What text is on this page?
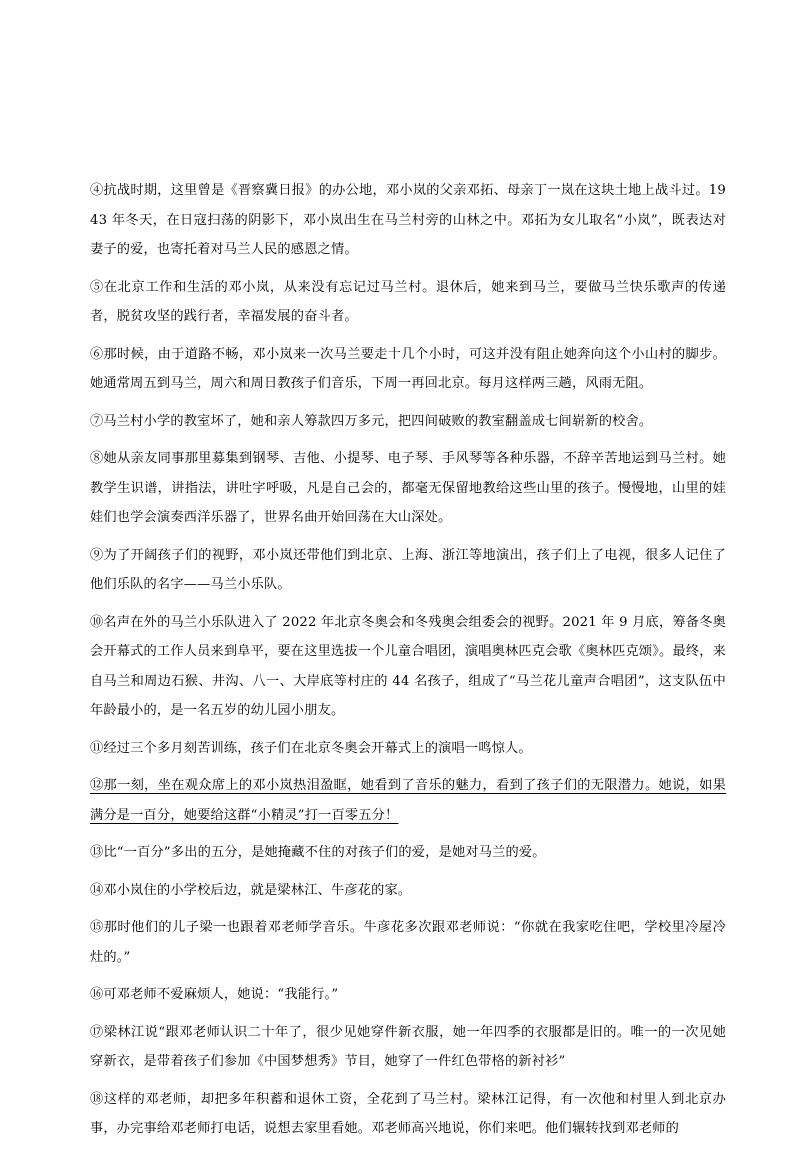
④抗战时期，这里曾是《晋察冀日报》的办公地，邓小岚的父亲邓拓、母亲丁一岚在这块土地上战斗过。1943 年冬天，在日寇扫荡的阴影下，邓小岚出生在马兰村旁的山林之中。邓拓为女儿取名“小岚”，既表达对妻子的爱，也寄托着对马兰人民的感恩之情。

⑤在北京工作和生活的邓小岚，从来没有忘记过马兰村。退休后，她来到马兰，要做马兰快乐歌声的传递者，脱贫攻坚的践行者，幸福发展的奋斗者。

⑥那时候，由于道路不畅，邓小岚来一次马兰要走十几个小时，可这并没有阻止她奔向这个小山村的脚步。她通常周五到马兰，周六和周日教孩子们音乐，下周一再回北京。每月这样两三趟，风雨无阻。

⑦马兰村小学的教室坏了，她和亲人筹款四万多元，把四间破败的教室翻盖成七间崭新的校舍。

⑧她从亲友同事那里募集到钢琴、吉他、小提琴、电子琴、手风琴等各种乐器，不辞辛苦地运到马兰村。她教学生识谱，讲指法，讲吐字呼吸，凡是自己会的，都毫无保留地教给这些山里的孩子。慢慢地，山里的娃娃们也学会演奏西洋乐器了，世界名曲开始回荡在大山深处。

⑨为了开阔孩子们的视野，邓小岚还带他们到北京、上海、浙江等地演出，孩子们上了电视，很多人记住了他们乐队的名字——马兰小乐队。

⑩名声在外的马兰小乐队进入了 2022 年北京冬奥会和冬残奥会组委会的视野。2021 年 9 月底，筹备冬奥会开幕式的工作人员来到阜平，要在这里选拔一个儿童合唱团，演唱奥林匹克会歌《奥林匹克颂》。最终，来自马兰和周边石猴、井沟、八一、大岸底等村庄的 44 名孩子，组成了“马兰花儿童声合唱团”，这支队伍中年龄最小的，是一名五岁的幼儿园小朋友。

⑪经过三个多月刻苦训练，孩子们在北京冬奥会开幕式上的演唱一鸣惊人。

⑫那一刻，坐在观众席上的邓小岚热泪盈眶，她看到了音乐的魅力，看到了孩子们的无限潜力。她说，如果满分是一百分，她要给这群“小精灵”打一百零五分！

⑬比“一百分”多出的五分，是她掩藏不住的对孩子们的爱，是她对马兰的爱。

⑭邓小岚住的小学校后边，就是梁林江、牛彦花的家。

⑮那时他们的儿子梁一也跟着邓老师学音乐。牛彦花多次跟邓老师说：“你就在我家吃住吧，学校里冷屋冷灶的。”

⑯可邓老师不爱麻烦人，她说：“我能行。”

⑰梁林江说“跟邓老师认识二十年了，很少见她穿件新衣服，她一年四季的衣服都是旧的。唯一的一次见她穿新衣，是带着孩子们参加《中国梦想秀》节目，她穿了一件红色带格的新衬衫”

⑱这样的邓老师，却把多年积蓄和退休工资，全花到了马兰村。梁林江记得，有一次他和村里人到北京办事，办完事给邓老师打电话，说想去家里看她。邓老师高兴地说，你们来吧。他们辗转找到邓老师的
